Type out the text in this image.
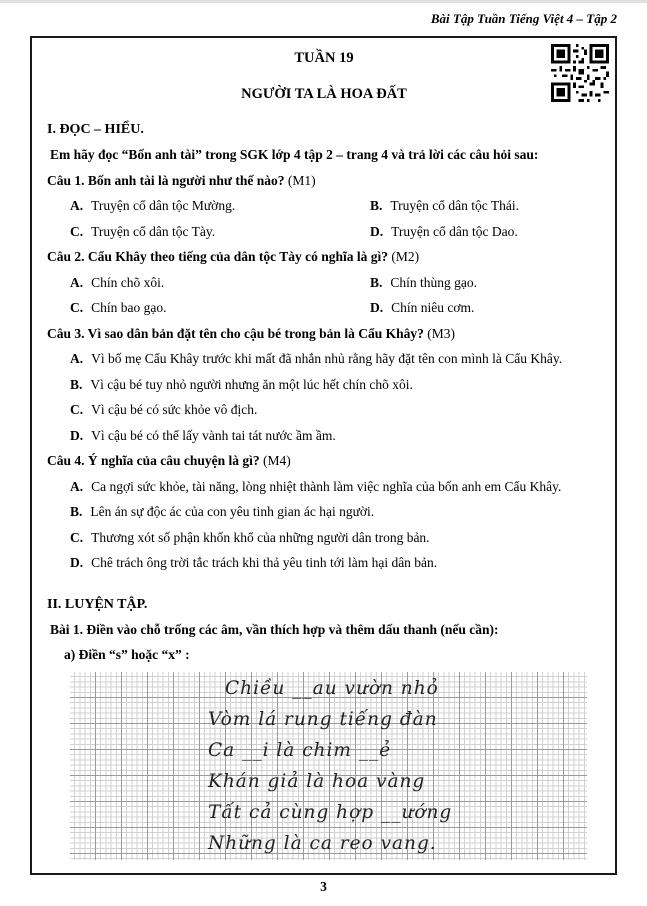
Bài Tập Tuần Tiếng Việt 4 – Tập 2
TUẦN 19
NGƯỜI TA LÀ HOA ĐẤT
I. ĐỌC – HIỂU.
Em hãy đọc “Bốn anh tài” trong SGK lớp 4 tập 2 – trang 4 và trả lời các câu hỏi sau:
Câu 1. Bốn anh tài là người như thế nào? (M1)
A. Truyện cổ dân tộc Mường.	B. Truyện cổ dân tộc Thái.
C. Truyện cổ dân tộc Tày.	D. Truyện cổ dân tộc Dao.
Câu 2. Cẩu Khây theo tiếng của dân tộc Tày có nghĩa là gì? (M2)
A. Chín chõ xôi.	B. Chín thùng gạo.
C. Chín bao gạo.	D. Chín niêu cơm.
Câu 3. Vì sao dân bản đặt tên cho cậu bé trong bản là Cẩu Khây? (M3)
A. Vì bố mẹ Cẩu Khây trước khi mất đã nhắn nhủ rằng hãy đặt tên con mình là Cẩu Khây.
B. Vì cậu bé tuy nhỏ người nhưng ăn một lúc hết chín chõ xôi.
C. Vì cậu bé có sức khỏe vô địch.
D. Vì cậu bé có thể lấy vành tai tát nước ầm ầm.
Câu 4. Ý nghĩa của câu chuyện là gì? (M4)
A. Ca ngợi sức khỏe, tài năng, lòng nhiệt thành làm việc nghĩa của bốn anh em Cẩu Khây.
B. Lên án sự độc ác của con yêu tinh gian ác hại người.
C. Thương xót số phận khốn khổ của những người dân trong bản.
D. Chê trách ông trời tắc trách khi thả yêu tinh tới làm hại dân bản.
II. LUYỆN TẬP.
Bài 1. Điền vào chỗ trống các âm, vần thích hợp và thêm dấu thanh (nếu cần):
a) Điền “s” hoặc “x” :
Chiều __au vườn nhỏ
Vòm lá rung tiếng đàn
Ca __i là chim __ẻ
Khán giả là hoa vàng
Tất cả cùng hợp __ướng
Những là ca reo vang.
3
